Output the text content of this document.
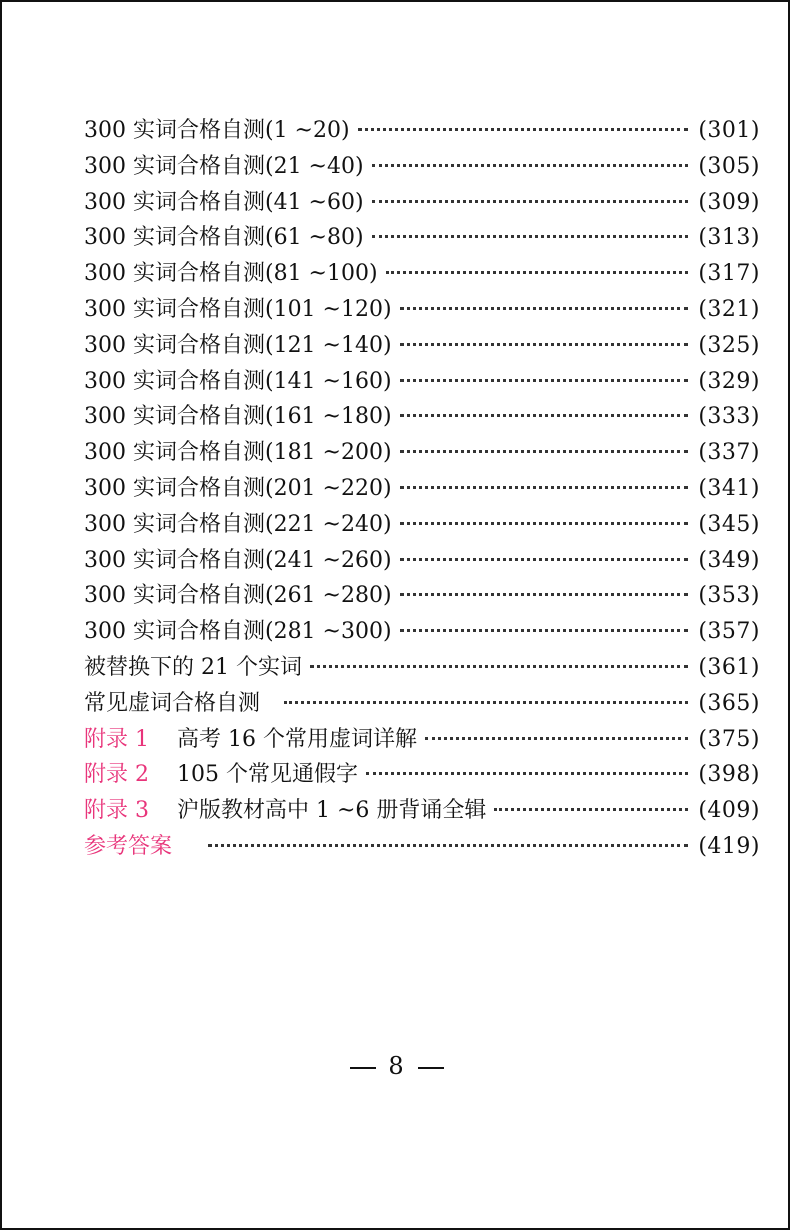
300 实词合格自测(1 ~20)	(301)
300 实词合格自测(21 ~40)	(305)
300 实词合格自测(41 ~60)	(309)
300 实词合格自测(61 ~80)	(313)
300 实词合格自测(81 ~100)	(317)
300 实词合格自测(101 ~120)	(321)
300 实词合格自测(121 ~140)	(325)
300 实词合格自测(141 ~160)	(329)
300 实词合格自测(161 ~180)	(333)
300 实词合格自测(181 ~200)	(337)
300 实词合格自测(201 ~220)	(341)
300 实词合格自测(221 ~240)	(345)
300 实词合格自测(241 ~260)	(349)
300 实词合格自测(261 ~280)	(353)
300 实词合格自测(281 ~300)	(357)
被替换下的 21 个实词	(361)
常见虚词合格自测	(365)
附录 1 高考 16 个常用虚词详解	(375)
附录 2 105 个常见通假字	(398)
附录 3 沪版教材高中 1 ~6 册背诵全辑	(409)
参考答案	(419)
8
